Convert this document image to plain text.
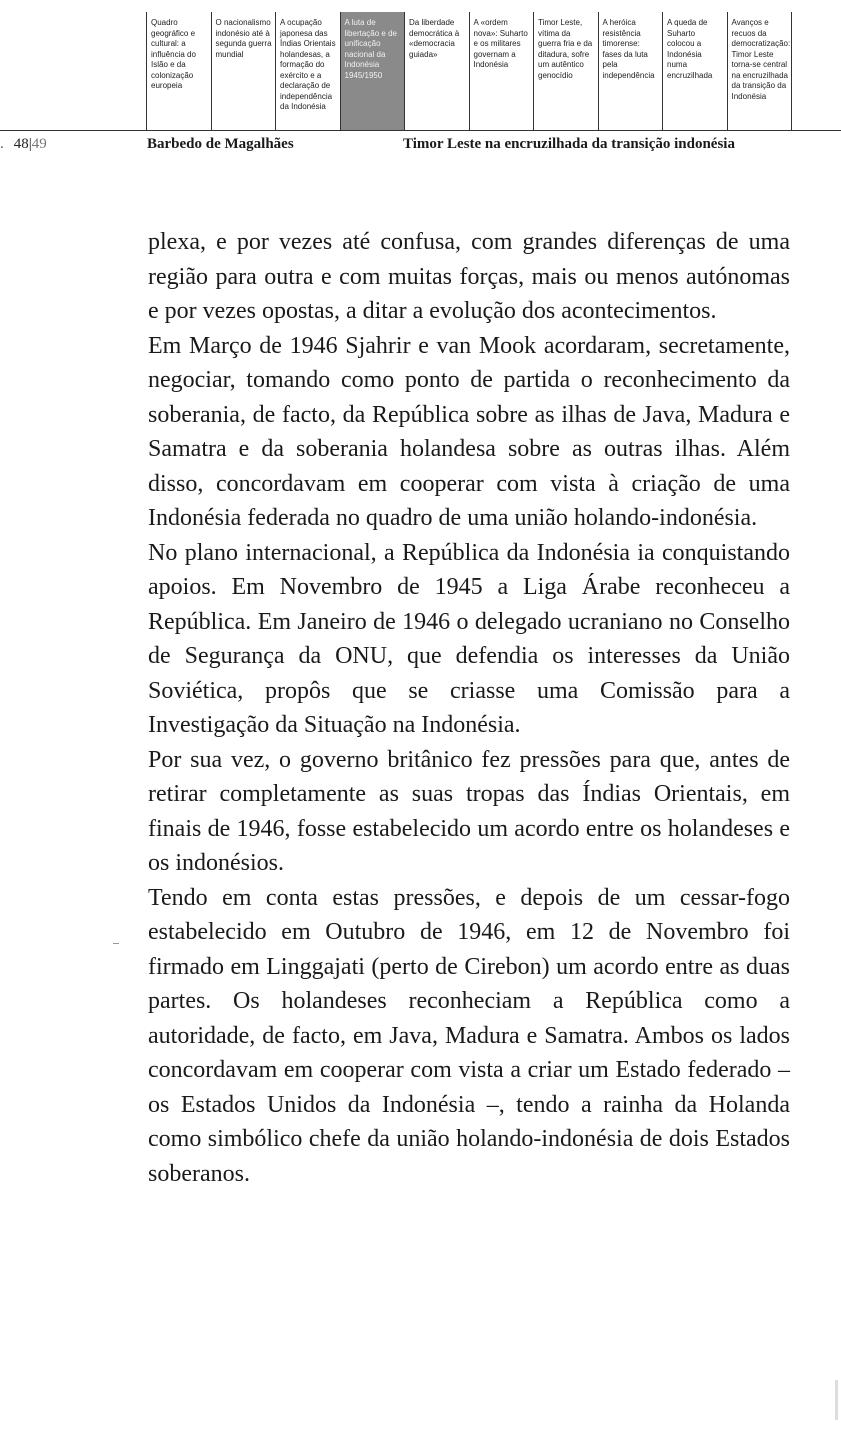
Quadro geográfico e cultural: a influência do Islão e da colonização europeia
O nacionalismo indonésio até à segunda guerra mundial
A ocupação japonesa das Índias Orientais holandesas, a formação do exército e a declaração de independência da Indonésia
A luta de libertação e de unificação nacional da Indonésia 1945/1950
Da liberdade democrática à «democracia guiada»
A «ordem nova»: Suharto e os militares governam a Indonésia
Timor Leste, vítima da guerra fria e da ditadura, sofre um autêntico genocídio
A heróica resistência timorense: fases da luta pela independência
A queda de Suharto colocou a Indonésia numa encruzilhada
Avanços e recuos da democratização: Timor Leste torna-se central na encruzilhada da transição da Indonésia
. 48|49	Barbedo de Magalhães	Timor Leste na encruzilhada da transição indonésia

plexa, e por vezes até confusa, com grandes diferenças de uma região para outra e com muitas forças, mais ou menos autónomas e por vezes opostas, a ditar a evolução dos acontecimentos.

Em Março de 1946 Sjahrir e van Mook acordaram, secretamente, negociar, tomando como ponto de partida o reconhecimento da soberania, de facto, da República sobre as ilhas de Java, Madura e Samatra e da soberania holandesa sobre as outras ilhas. Além disso, concordavam em cooperar com vista à criação de uma Indonésia federada no quadro de uma união holando-indonésia.

No plano internacional, a República da Indonésia ia conquistando apoios. Em Novembro de 1945 a Liga Árabe reconheceu a República. Em Janeiro de 1946 o delegado ucraniano no Conselho de Segurança da ONU, que defendia os interesses da União Soviética, propôs que se criasse uma Comissão para a Investigação da Situação na Indonésia.

Por sua vez, o governo britânico fez pressões para que, antes de retirar completamente as suas tropas das Índias Orientais, em finais de 1946, fosse estabelecido um acordo entre os holandeses e os indonésios.

Tendo em conta estas pressões, e depois de um cessar-fogo estabelecido em Outubro de 1946, em 12 de Novembro foi firmado em Linggajati (perto de Cirebon) um acordo entre as duas partes. Os holandeses reconheciam a República como a autoridade, de facto, em Java, Madura e Samatra. Ambos os lados concordavam em cooperar com vista a criar um Estado federado – os Estados Unidos da Indonésia –, tendo a rainha da Holanda como simbólico chefe da união holando-indonésia de dois Estados soberanos.
